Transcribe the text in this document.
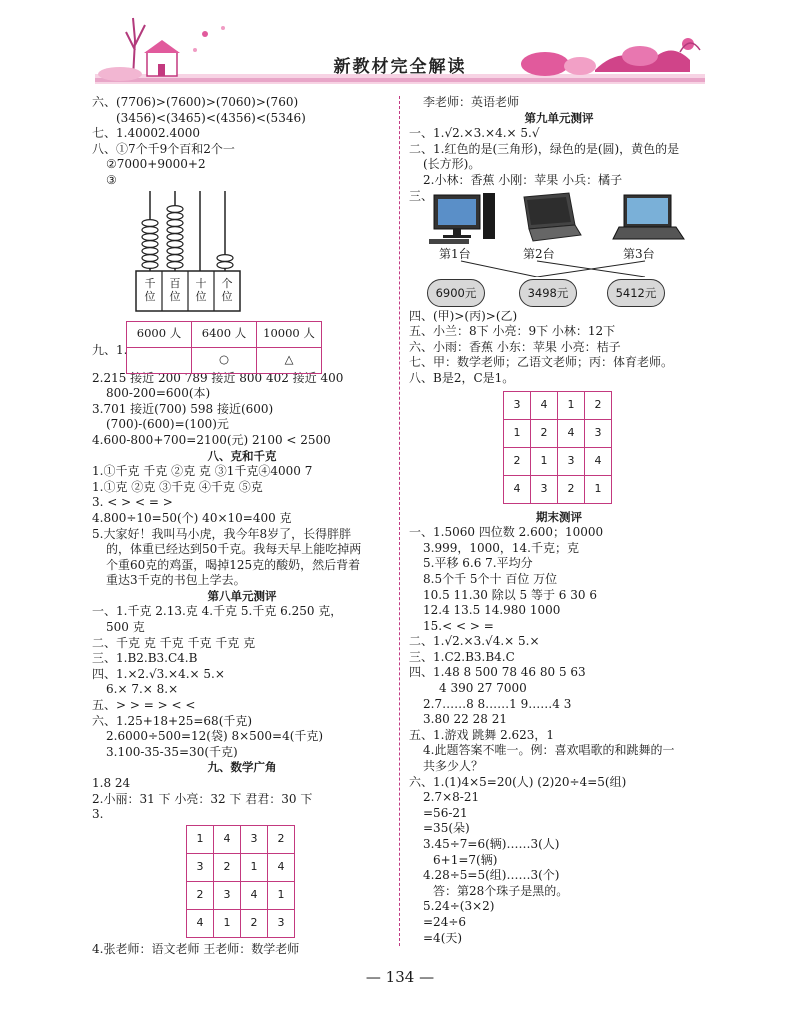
新教材完全解读
六、(7706)>(7600)>(7060)>(760)
(3456)<(3465)<(4356)<(5346)
七、1.40002.4000
八、①7个千9个百和2个一
②7000+9000+2
③
千位
百位
十位
个位
九、1.
6000 人	6400 人	10000 人
	○	△
2.215 接近 200 789 接近 800 402 接近 400
800-200=600(本)
3.701 接近(700) 598 接近(600)
(700)-(600)=(100)元
4.600-800+700=2100(元) 2100 < 2500
八、克和千克
1.①千克 千克 ②克 克 ③1千克④4000 7
1.①克 ②克 ③千克 ④千克 ⑤克
3. < > < = >
4.800÷10=50(个) 40×10=400 克
5.大家好！我叫马小虎，我今年8岁了，长得胖胖
的，体重已经达到50千克。我每天早上能吃掉两
个重60克的鸡蛋，喝掉125克的酸奶，然后背着
重达3千克的书包上学去。
第八单元测评
一、1.千克 2.13.克 4.千克 5.千克 6.250 克，
500 克
二、千克 克 千克 千克 千克 克
三、1.B2.B3.C4.B
四、1.×2.√3.×4.× 5.×
6.× 7.× 8.×
五、> > = > < <
六、1.25+18+25=68(千克)
2.6000÷500=12(袋) 8×500=4(千克)
3.100-35-35=30(千克)
九、数学广角
1.8 24
2.小丽：31 下 小亮：32 下 君君：30 下
3.
1	4	3	2
3	2	1	4
2	3	4	1
4	1	2	3
4.张老师：语文老师 王老师：数学老师
李老师：英语老师
第九单元测评
一、1.√2.×3.×4.× 5.√
二、1.红色的是(三角形)，绿色的是(圆)，黄色的是
(长方形)。
2.小林：香蕉 小刚：苹果 小兵：橘子
三、
第1台	第2台	第3台
6900元	3498元	5412元
四、(甲)>(丙)>(乙)
五、小兰：8下 小亮：9下 小林：12下
六、小雨：香蕉 小东：苹果 小亮：桔子
七、甲：数学老师；乙语文老师；丙：体育老师。
八、B是2，C是1。
3	4	1	2
1	2	4	3
2	1	3	4
4	3	2	1
期末测评
一、1.5060 四位数 2.600；10000
3.999，1000，14.千克；克
5.平移 6.6 7.平均分
8.5个千 5个十 百位 万位
10.5 11.30 除以 5 等于 6 30 6
12.4 13.5 14.980 1000
15.< < > =
二、1.√2.×3.√4.× 5.×
三、1.C2.B3.B4.C
四、1.48 8 500 78 46 80 5 63
4 390 27 7000
2.7……8 8……1 9……4 3
3.80 22 28 21
五、1.游戏 跳舞 2.623，1
4.此题答案不唯一。例：喜欢唱歌的和跳舞的一
共多少人？
六、1.(1)4×5=20(人) (2)20÷4=5(组)
2.7×8-21
=56-21
=35(朵)
3.45÷7=6(辆)……3(人)
6+1=7(辆)
4.28÷5=5(组)……3(个)
答：第28个珠子是黑的。
5.24÷(3×2)
=24÷6
=4(天)
— 134 —
